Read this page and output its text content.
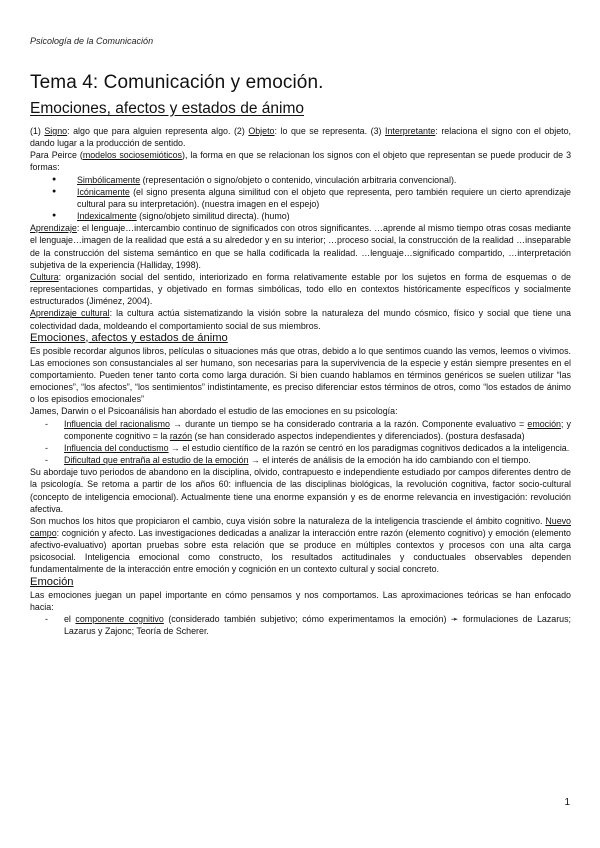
Psicología de la Comunicación
Tema 4: Comunicación y emoción.
Emociones, afectos y estados de ánimo

(1) Signo: algo que para alguien representa algo. (2) Objeto: lo que se representa. (3) Interpretante: relaciona el signo con el objeto, dando lugar a la producción de sentido.

Para Peirce (modelos sociosemióticos), la forma en que se relacionan los signos con el objeto que representan se puede producir de 3 formas:

● Simbólicamente (representación o signo/objeto o contenido, vinculación arbitraria convencional).
● Icónicamente (el signo presenta alguna similitud con el objeto que representa, pero también requiere un cierto aprendizaje cultural para su interpretación). (nuestra imagen en el espejo)
● Indexicalmente (signo/objeto similitud directa). (humo)

Aprendizaje: el lenguaje…intercambio continuo de significados con otros significantes. …aprende al mismo tiempo otras cosas mediante el lenguaje…imagen de la realidad que está a su alrededor y en su interior; …proceso social, la construcción de la realidad …inseparable de la construcción del sistema semántico en que se halla codificada la realidad. …lenguaje…significado compartido, …interpretación subjetiva de la experiencia (Halliday, 1998).

Cultura: organización social del sentido, interiorizado en forma relativamente estable por los sujetos en forma de esquemas o de representaciones compartidas, y objetivado en formas simbólicas, todo ello en contextos históricamente específicos y socialmente estructurados (Jiménez, 2004).

Aprendizaje cultural: la cultura actúa sistematizando la visión sobre la naturaleza del mundo cósmico, físico y social que tiene una colectividad dada, moldeando el comportamiento social de sus miembros.

Emociones, afectos y estados de ánimo

Es posible recordar algunos libros, películas o situaciones más que otras, debido a lo que sentimos cuando las vemos, leemos o vivimos. Las emociones son consustanciales al ser humano, son necesarias para la supervivencia de la especie y están siempre presentes en el comportamiento. Pueden tener tanto corta como larga duración. Si bien cuando hablamos en términos genéricos se suelen utilizar “las emociones”, “los afectos”, “los sentimientos” indistintamente, es preciso diferenciar estos términos de otros, como “los estados de ánimo o los episodios emocionales”

James, Darwin o el Psicoanálisis han abordado el estudio de las emociones en su psicología:

- Influencia del racionalismo → durante un tiempo se ha considerado contraria a la razón. Componente evaluativo = emoción; y componente cognitivo = la razón (se han considerado aspectos independientes y diferenciados). (postura desfasada)
- Influencia del conductismo → el estudio científico de la razón se centró en los paradigmas cognitivos dedicados a la inteligencia.
- Dificultad que entraña al estudio de la emoción → el interés de análisis de la emoción ha ido cambiando con el tiempo.

Su abordaje tuvo periodos de abandono en la disciplina, olvido, contrapuesto e independiente estudiado por campos diferentes dentro de la psicología. Se retoma a partir de los años 60: influencia de las disciplinas biológicas, la revolución cognitiva, factor socio-cultural (concepto de inteligencia emocional). Actualmente tiene una enorme expansión y es de enorme relevancia en investigación: revolución afectiva.

Son muchos los hitos que propiciaron el cambio, cuya visión sobre la naturaleza de la inteligencia trasciende el ámbito cognitivo. Nuevo campo: cognición y afecto. Las investigaciones dedicadas a analizar la interacción entre razón (elemento cognitivo) y emoción (elemento afectivo-evaluativo) aportan pruebas sobre esta relación que se produce en múltiples contextos y procesos con una alta carga psicosocial. Inteligencia emocional como constructo, los resultados actitudinales y conductuales observables dependen fundamentalmente de la interacción entre emoción y cognición en un contexto cultural y social concreto.

Emoción

Las emociones juegan un papel importante en cómo pensamos y nos comportamos. Las aproximaciones teóricas se han enfocado hacia:

- el componente cognitivo (considerado también subjetivo; cómo experimentamos la emoción) ➛ formulaciones de Lazarus; Lazarus y Zajonc; Teoría de Scherer.
1
